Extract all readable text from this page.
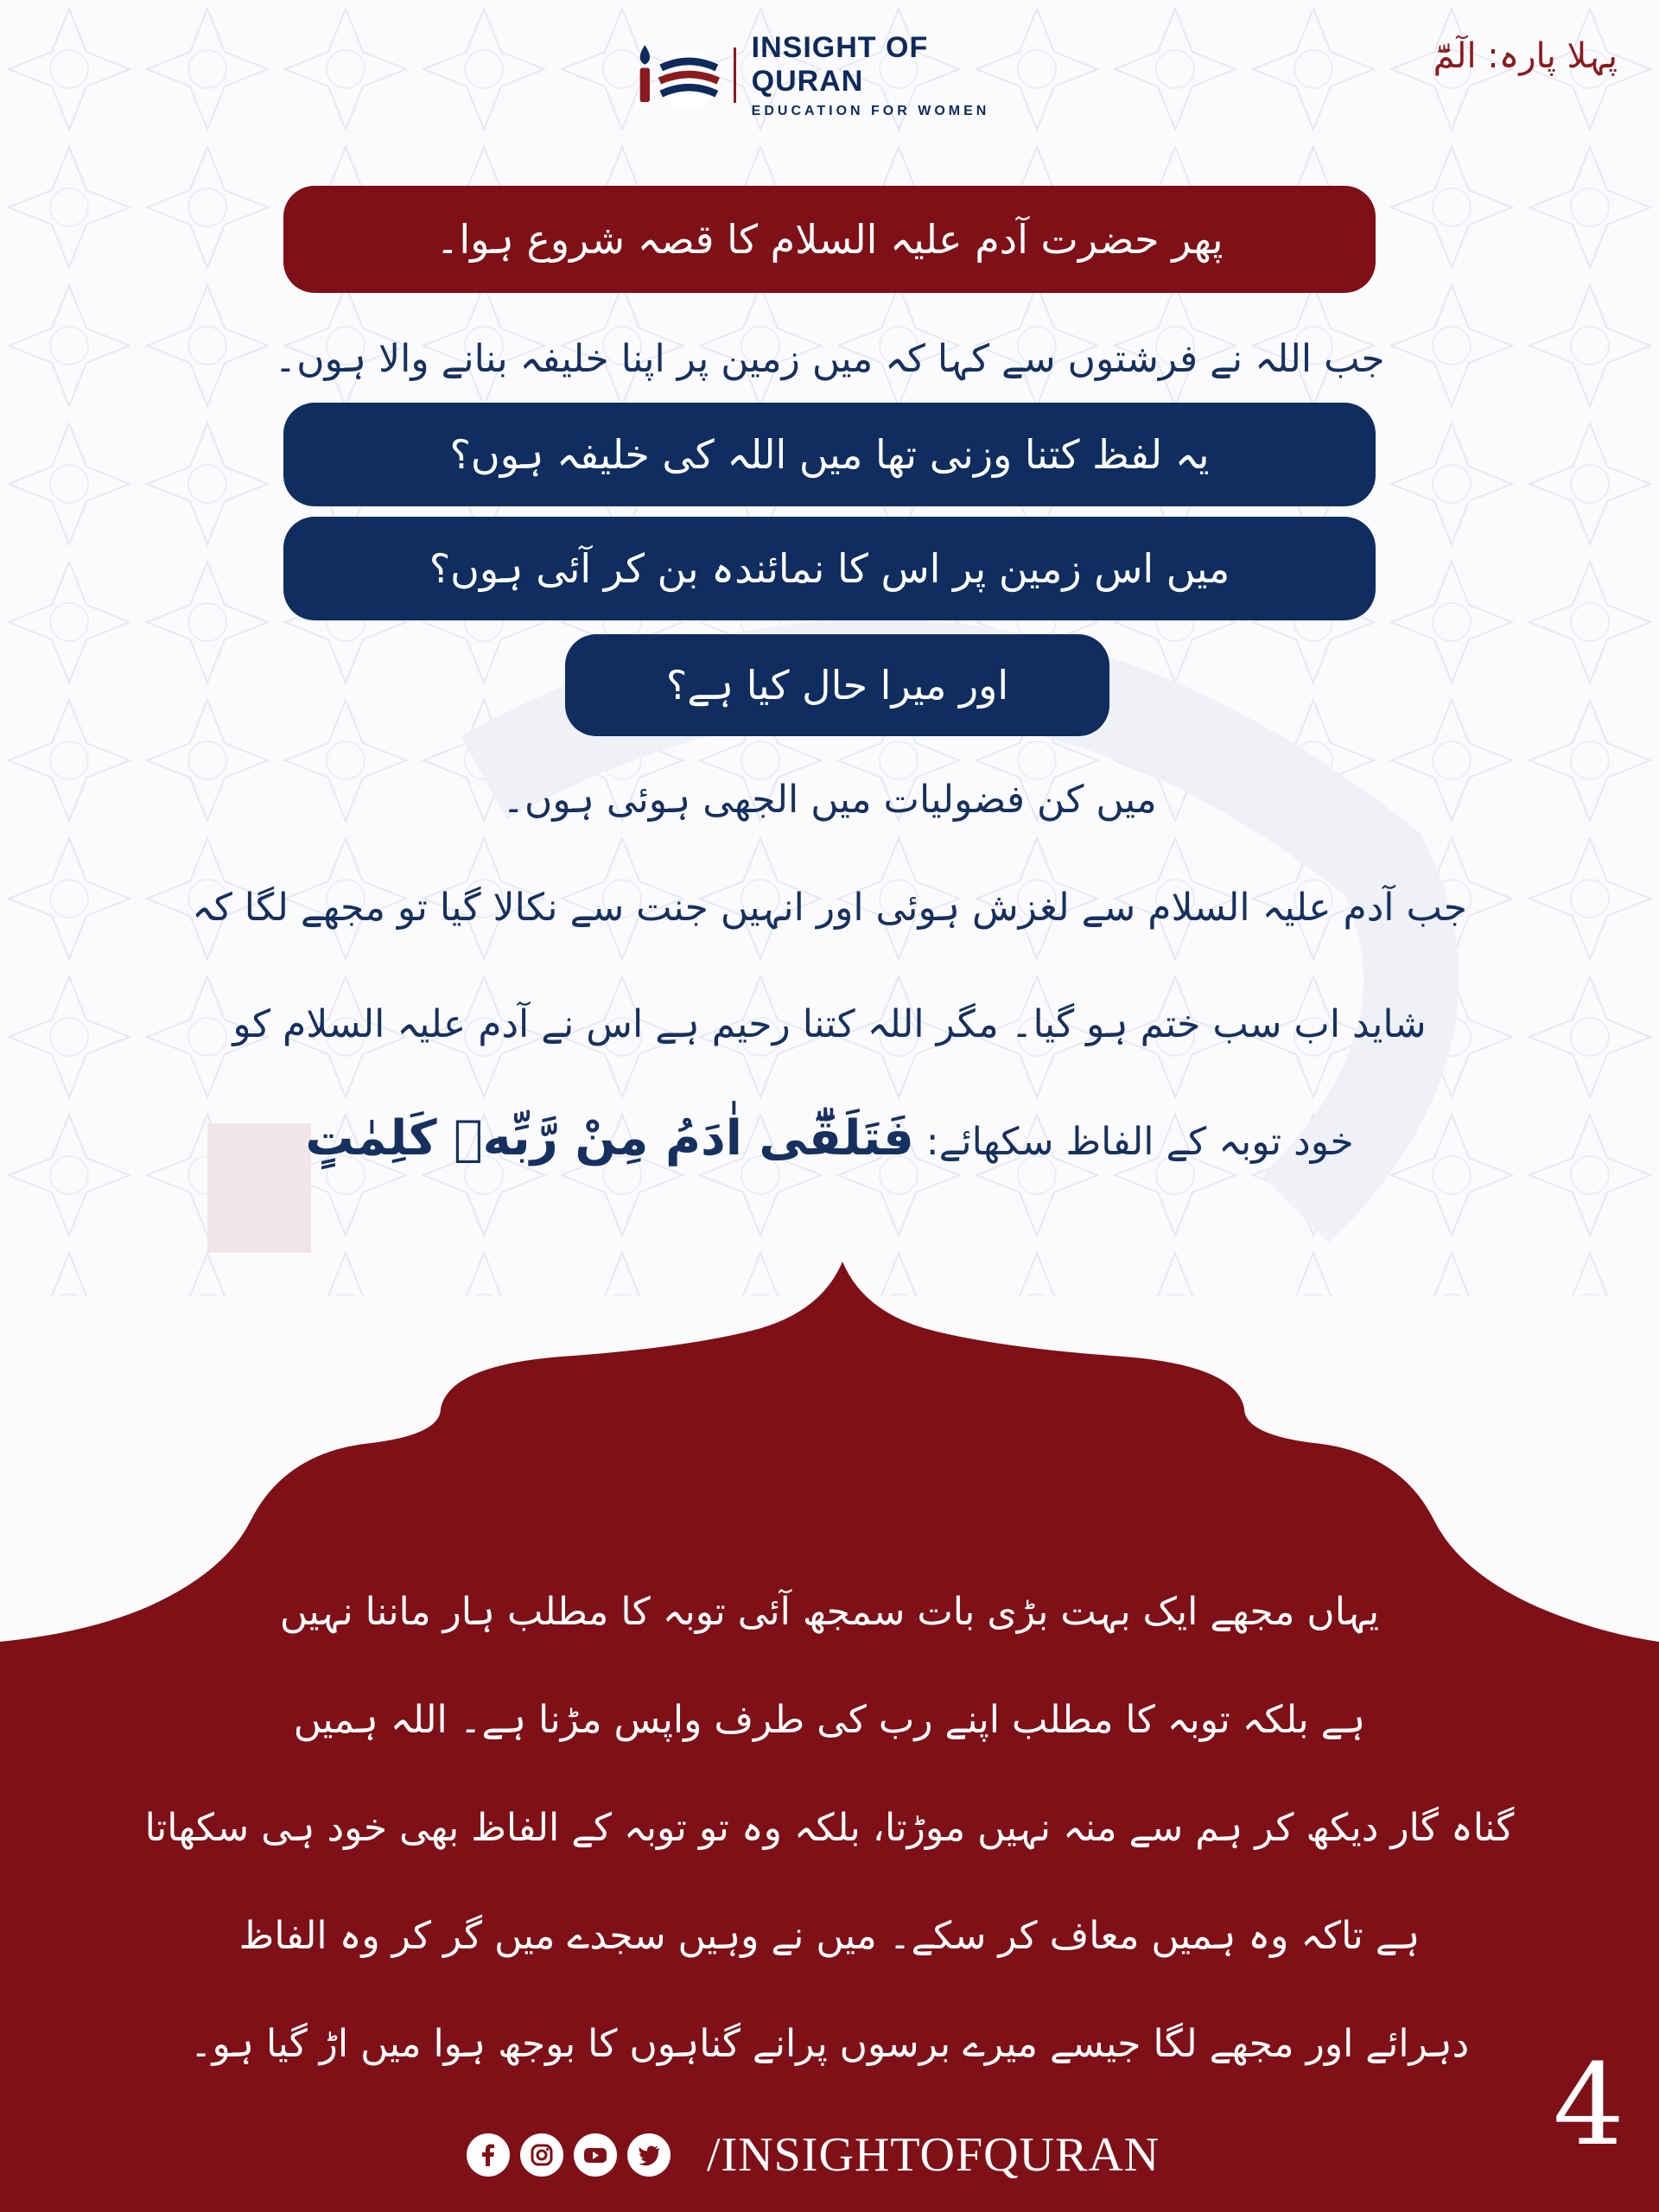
INSIGHT OF QURAN
EDUCATION FOR WOMEN
پہلا پارہ: الٓمّٓ
پھر حضرت آدم علیہ السلام کا قصہ شروع ہوا۔
جب اللہ نے فرشتوں سے کہا کہ میں زمین پر اپنا خلیفہ بنانے والا ہوں۔
یہ لفظ کتنا وزنی تھا میں اللہ کی خلیفہ ہوں؟
میں اس زمین پر اس کا نمائندہ بن کر آئی ہوں؟
اور میرا حال کیا ہے؟
میں کن فضولیات میں الجھی ہوئی ہوں۔
جب آدم علیہ السلام سے لغزش ہوئی اور انہیں جنت سے نکالا گیا تو مجھے لگا کہ
شاید اب سب ختم ہو گیا۔ مگر اللہ کتنا رحیم ہے اس نے آدم علیہ السلام کو
خود توبہ کے الفاظ سکھائے: فَتَلَقّٰٓى اٰدَمُ مِنْ رَّبِّهٖ كَلِمٰتٍ
یہاں مجھے ایک بہت بڑی بات سمجھ آئی توبہ کا مطلب ہار ماننا نہیں
ہے بلکہ توبہ کا مطلب اپنے رب کی طرف واپس مڑنا ہے۔ اللہ ہمیں
گناہ گار دیکھ کر ہم سے منہ نہیں موڑتا، بلکہ وہ تو توبہ کے الفاظ بھی خود ہی سکھاتا
ہے تاکہ وہ ہمیں معاف کر سکے۔ میں نے وہیں سجدے میں گر کر وہ الفاظ
دہرائے اور مجھے لگا جیسے میرے برسوں پرانے گناہوں کا بوجھ ہوا میں اڑ گیا ہو۔ 4
/INSIGHTOFQURAN
